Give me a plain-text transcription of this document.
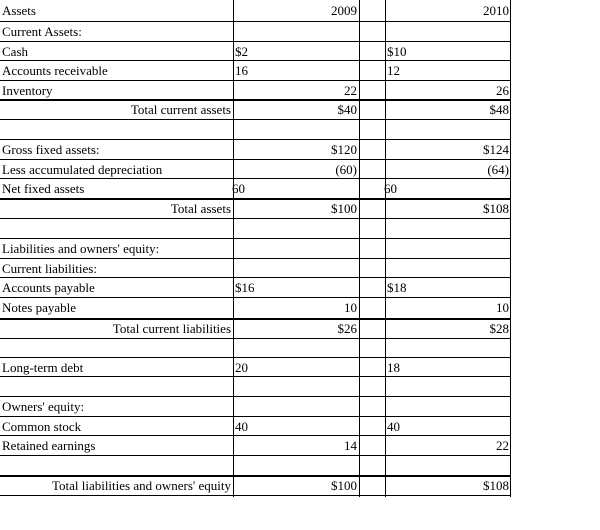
Assets	2009	2010
Current Assets:
Cash	$2	$10
Accounts receivable	16	12
Inventory	22	26
Total current assets	$40	$48
Gross fixed assets:	$120	$124
Less accumulated depreciation	(60)	(64)
Net fixed assets	60	60
Total assets	$100	$108
Liabilities and owners' equity:
Current liabilities:
Accounts payable	$16	$18
Notes payable	10	10
Total current liabilities	$26	$28
Long-term debt	20	18
Owners' equity:
Common stock	40	40
Retained earnings	14	22
Total liabilities and owners' equity	$100	$108
